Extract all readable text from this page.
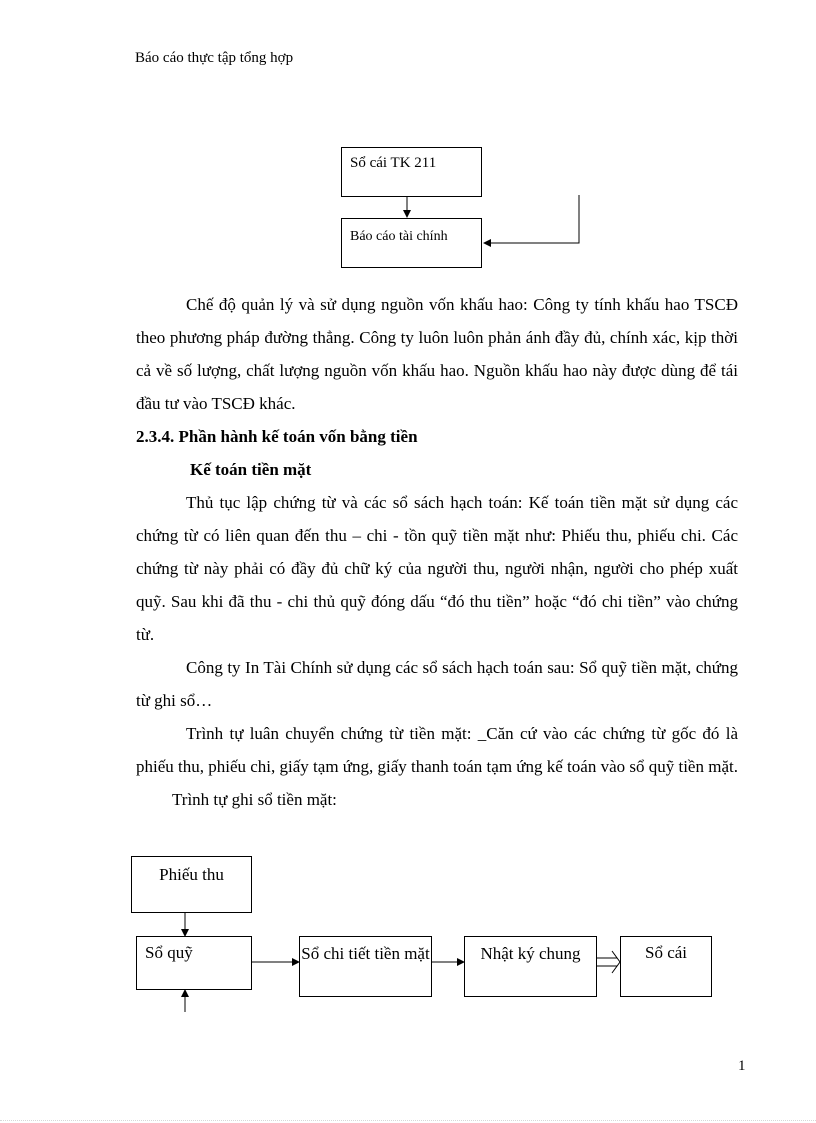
Báo cáo thực tập tổng hợp
Sổ cái TK 211
Báo cáo tài chính

Chế độ quản lý và sử dụng nguồn vốn khấu hao: Công ty tính khấu hao TSCĐ theo phương pháp đường thẳng. Công ty luôn luôn phản ánh đầy đủ, chính xác, kịp thời cả về số lượng, chất lượng nguồn vốn khấu hao. Nguồn khấu hao này được dùng để tái đầu tư vào TSCĐ khác.

2.3.4. Phần hành kế toán vốn bằng tiền

Kế toán tiền mặt

Thủ tục lập chứng từ và các sổ sách hạch toán: Kế toán tiền mặt sử dụng các chứng từ có liên quan đến thu – chi - tồn quỹ tiền mặt như: Phiếu thu, phiếu chi. Các chứng từ này phải có đầy đủ chữ ký của người thu, người nhận, người cho phép xuất quỹ. Sau khi đã thu - chi thủ quỹ đóng dấu “đó thu tiền” hoặc “đó chi tiền” vào chứng từ.

Công ty In Tài Chính sử dụng các sổ sách hạch toán sau: Sổ quỹ tiền mặt, chứng từ ghi sổ…

Trình tự luân chuyển chứng từ tiền mặt: _Căn cứ vào các chứng từ gốc đó là phiếu thu, phiếu chi, giấy tạm ứng, giấy thanh toán tạm ứng kế toán vào sổ quỹ tiền mặt.

Trình tự ghi sổ tiền mặt:

Phiếu thu
Sổ quỹ	Sổ chi tiết tiền mặt	Nhật ký chung	Sổ cái
1
